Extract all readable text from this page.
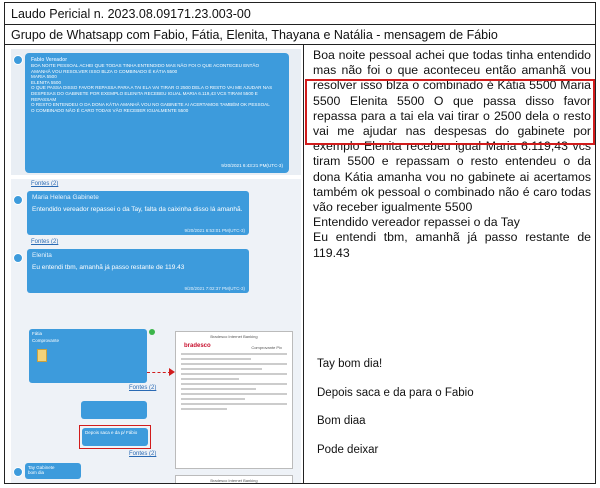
Laudo Pericial n. 2023.08.09171.23.003-00
Grupo de Whatsapp com Fabio, Fátia, Elenita, Thayana e Natália - mensagem de Fábio
Fabio Vereador
BOA NOITE PESSOAL ACHEI QUE TODAS TINHA ENTENDIDO MAS NÃO FOI O QUE ACONTECEU ENTÃO
AMANHÃ VOU RESOLVER ISSO BLZA O COMBINADO É KÁTIA 5500
MARIA 5500
ELENITA 5500
O QUE PASSA DISSO FAVOR REPASSA PARA A TAI ELA VAI TIRAR O 2500 DELA O RESTO VAI ME AJUDAR NAS
DESPESAS DO GABINETE POR EXEMPLO ELENITA RECEBEU IGUAL MARIA 6.119,43 VCS TIRAM 5500 E REPASSAM
O RESTO ENTENDEU O DA DONA KÁTIA AMANHÃ VOU NO GABINETE AI ACERTAMOS TAMBÉM OK PESSOAL
O COMBINADO NÃO É CARO TODAS VÃO RECEBER IGUALMENTE 5500
9/20/2021 6:43:21 PM(UTC-3)
Fontes (2)
Maria Helena Gabinete
Entendido vereador repassei o da Tay, falta da caixinha disso lá amanhã.
9/20/2021 6:53:01 PM(UTC-3)
Fontes (2)
Elenita
Eu entendi tbm, amanhã já passo restante de 119.43
9/20/2021 7:02:37 PM(UTC-3)
Fátia
Comprovante
Fontes (2)
Bradesco Internet Banking
bradesco	Comprovante Pix
Depois saca e da p/ Fábio
Fontes (2)
Tay Gabinete
bom dia
Bradesco Internet Banking
Boa noite pessoal achei que todas tinha entendido mas não foi o que aconteceu então amanhã vou resolver isso blza o combinado é Kátia 5500 Maria 5500 Elenita 5500 O que passa disso favor repassa para a tai ela vai tirar o 2500 dela o resto vai me ajudar nas despesas do gabinete por exemplo Elenita recebeu igual Maria 6.119,43 vcs tiram 5500 e repassam o resto entendeu o da dona Kátia amanha vou no gabinete ai acertamos também ok pessoal o combinado não é caro todas vão receber igualmente 5500
Entendido vereador repassei o da Tay
Eu entendi tbm, amanhã já passo restante de 119.43
Tay bom dia!
Depois saca e da para o Fabio
Bom diaa
Pode deixar
